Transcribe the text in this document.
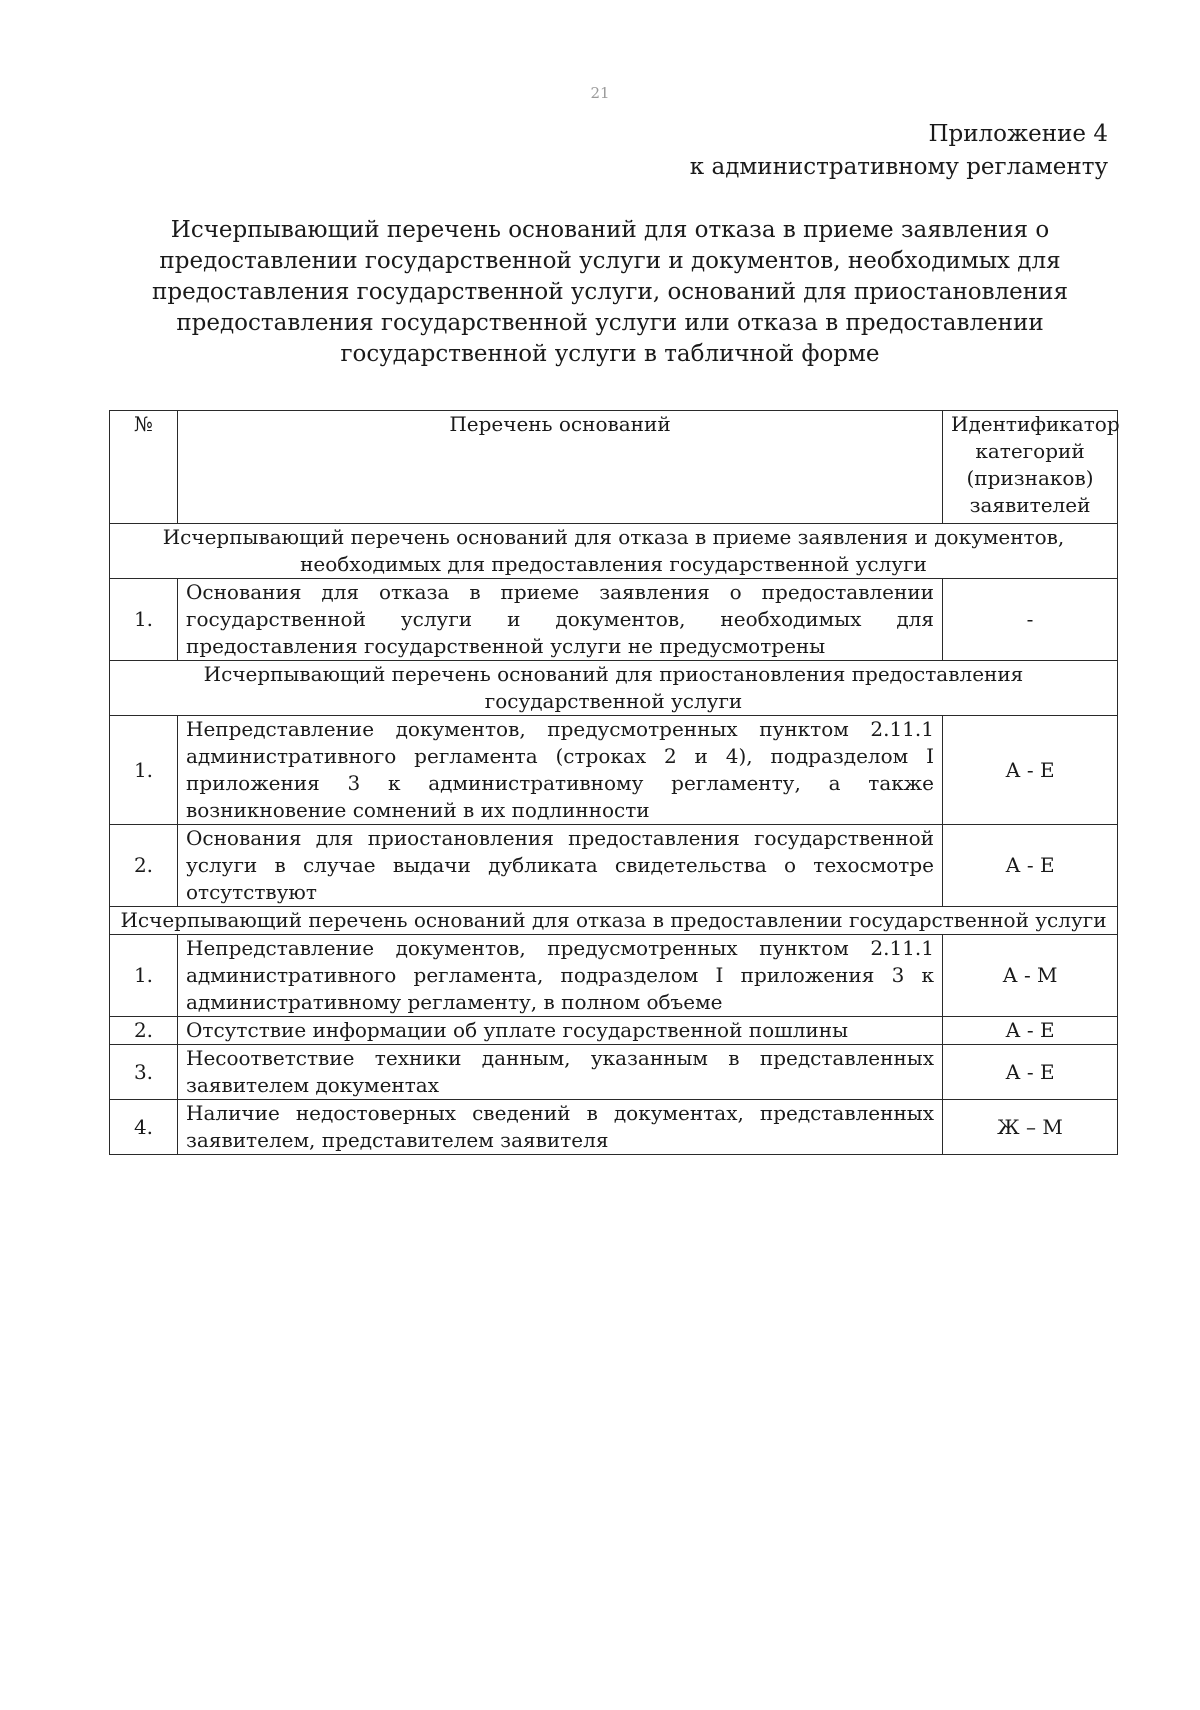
21
Приложение 4
к административному регламенту
Исчерпывающий перечень оснований для отказа в приеме заявления о предоставлении государственной услуги и документов, необходимых для предоставления государственной услуги, оснований для приостановления предоставления государственной услуги или отказа в предоставлении государственной услуги в табличной форме
№	Перечень оснований	Идентификатор категорий (признаков) заявителей
Исчерпывающий перечень оснований для отказа в приеме заявления и документов, необходимых для предоставления государственной услуги		
1.	Основания для отказа в приеме заявления о предоставлении государственной услуги и документов, необходимых для предоставления государственной услуги не предусмотрены	-
Исчерпывающий перечень оснований для приостановления предоставления государственной услуги		
1.	Непредставление документов, предусмотренных пунктом 2.11.1 административного регламента (строках 2 и 4), подразделом I приложения 3 к административному регламенту, а также возникновение сомнений в их подлинности	А - Е
2.	Основания для приостановления предоставления государственной услуги в случае выдачи дубликата свидетельства о техосмотре отсутствуют	А - Е
Исчерпывающий перечень оснований для отказа в предоставлении государственной услуги		
1.	Непредставление документов, предусмотренных пунктом 2.11.1 административного регламента, подразделом I приложения 3 к административному регламенту, в полном объеме	А - М
2.	Отсутствие информации об уплате государственной пошлины	А - Е
3.	Несоответствие техники данным, указанным в представленных заявителем документах	А - Е
4.	Наличие недостоверных сведений в документах, представленных заявителем, представителем заявителя	Ж – М
